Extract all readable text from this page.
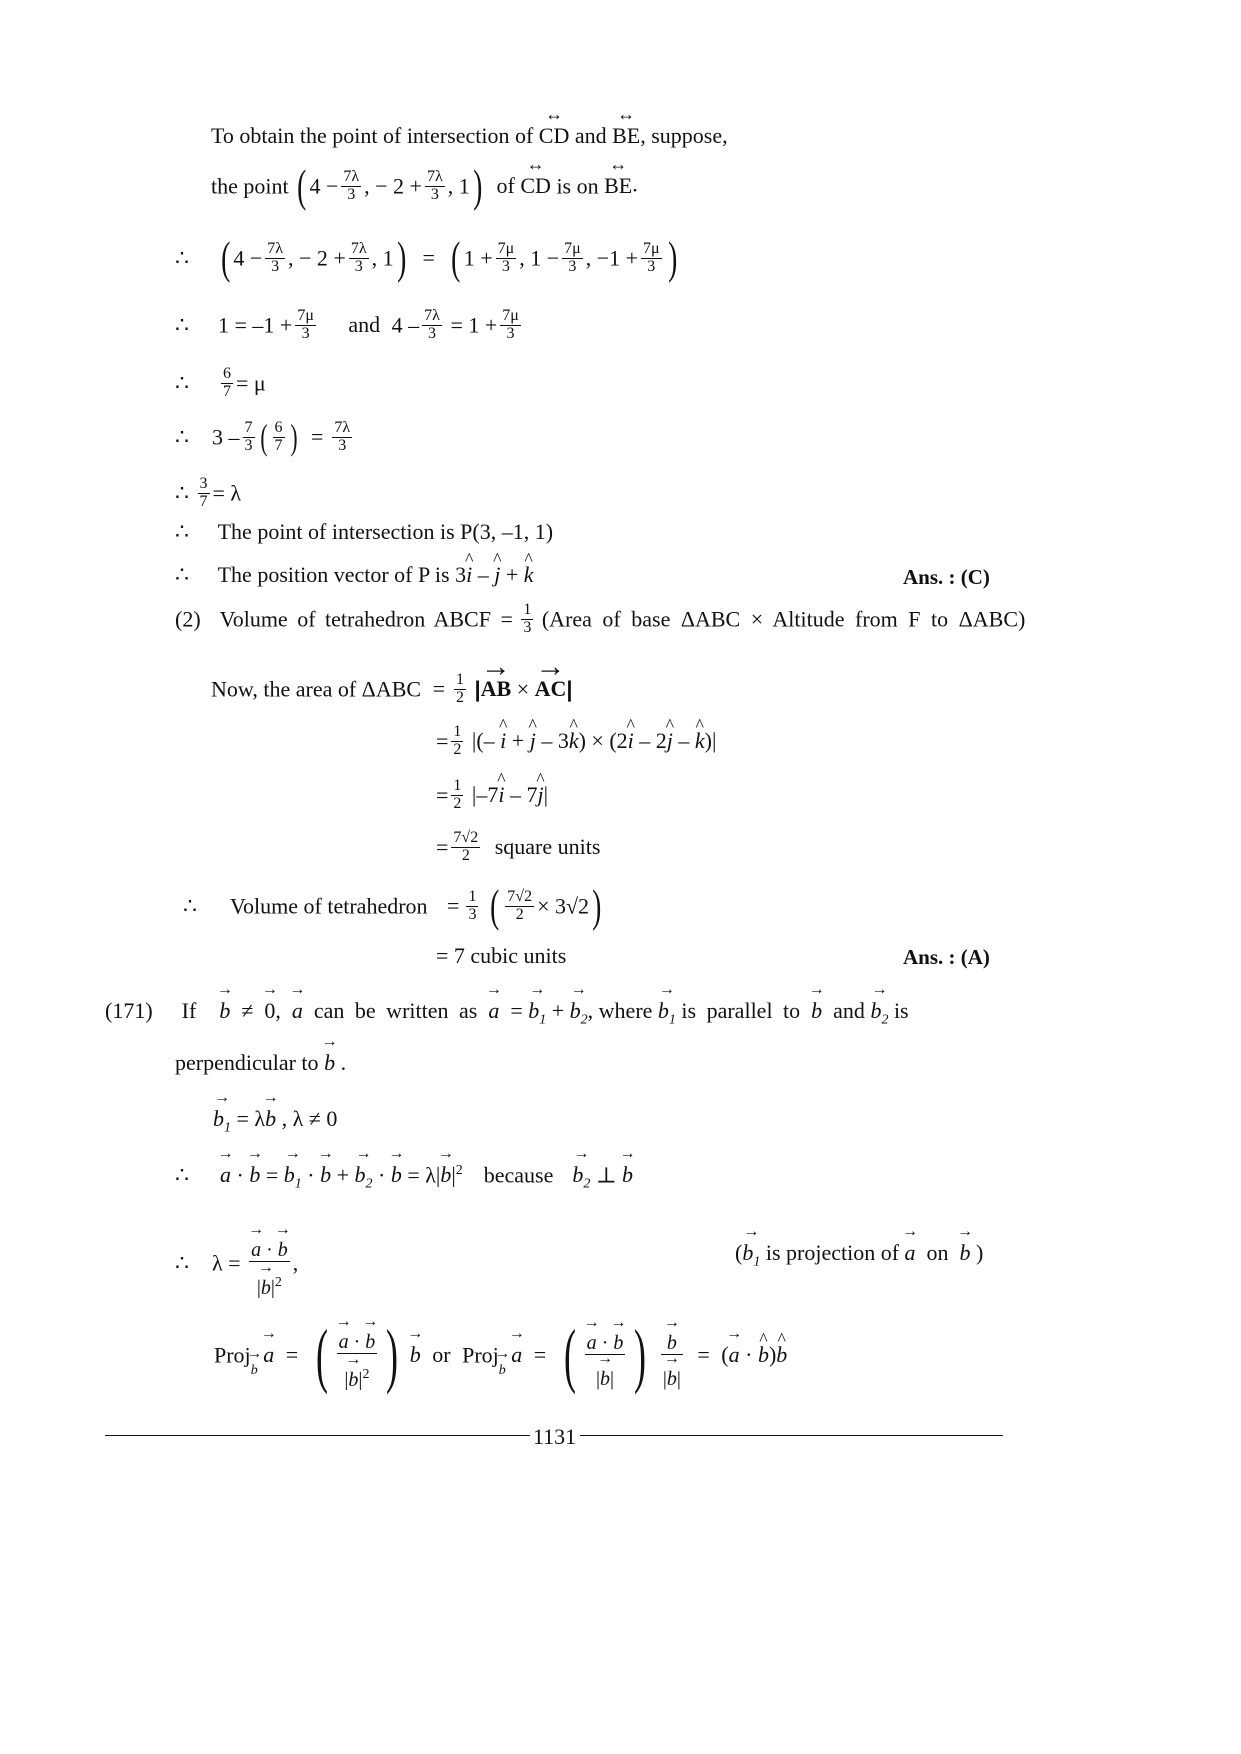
To obtain the point of intersection of ↔ CD and ↔ BE, suppose,
the point ( $4 - \frac{7\lambda}{3}$ , − $2 + \frac{7\lambda}{3}$ , 1) of ↔ CD is on ↔ BE.
∴ ( $4 - \frac{7\lambda}{3}$ , − $2 + \frac{7\lambda}{3}$ , 1) = ( $1 + \frac{7\mu}{3}$ , $1 - \frac{7\mu}{3}$ , $-1 + \frac{7\mu}{3}$ )
∴ $1 = -1 + \frac{7\mu}{3}$ and $4 - \frac{7\lambda}{3} = 1 + \frac{7\mu}{3}$
∴ $\frac{6}{7} = \mu$
∴ $3 - \frac{7}{3}$ ( $\frac{6}{7}$ ) = $\frac{7\lambda}{3}$
∴ $\frac{3}{7} = \lambda$
∴ The point of intersection is P(3, –1, 1)
∴ The position vector of P is 3^ i – ^ j + ^ k	Ans. : (C)
(2) Volume of tetrahedron ABCF = $\frac{1}{3}$ (Area of base ΔABC × Altitude from F to ΔABC)
Now, the area of $\Delta ABC = \frac{1}{2}$ |→ AB × → AC|
= $\frac{1}{2}$ |(– ^ i + ^ j – 3^ k) × (2^ i – 2^ j – ^ k)|
= $\frac{1}{2}$ |–7^ i – 7^ j|
= $\frac{7√2}{2}$ square units
∴ Volume of tetrahedron = $\frac{1}{3}$ ( $\frac{7√2}{2} \times 3√2$)
= 7 cubic units	Ans. : (A)
(171) If → b  ≠  → 0,  → a can be written as → a  = → $b_1$ + → $b_2$, where → $b_1$ is parallel to → b and → $b_2$ is
perpendicular to → b .
→ $b_1 = \lambda\to b$ , λ ≠ 0
∴ → a · → b = → $b_1$ · → b + → $b_2$ · → $b = \lambda|\to b|^2$ because → $b_2$ ⊥ → b
∴ λ = → $\frac{a \cdot \to b}{|\to b|^2}$ ,	(→ $b_1$ is projection of → a on → b )
Proj→ $_b$ → a = ( → $\frac{a \cdot \to b}{|\to b|^2}$ ) → b or Proj→ $_b$ → a = ( → $\frac{a \cdot \to b}{|\to b|}$ ) → $\frac{b}{|\to b|}$ = (→ a · ^ b)^ b
1131
